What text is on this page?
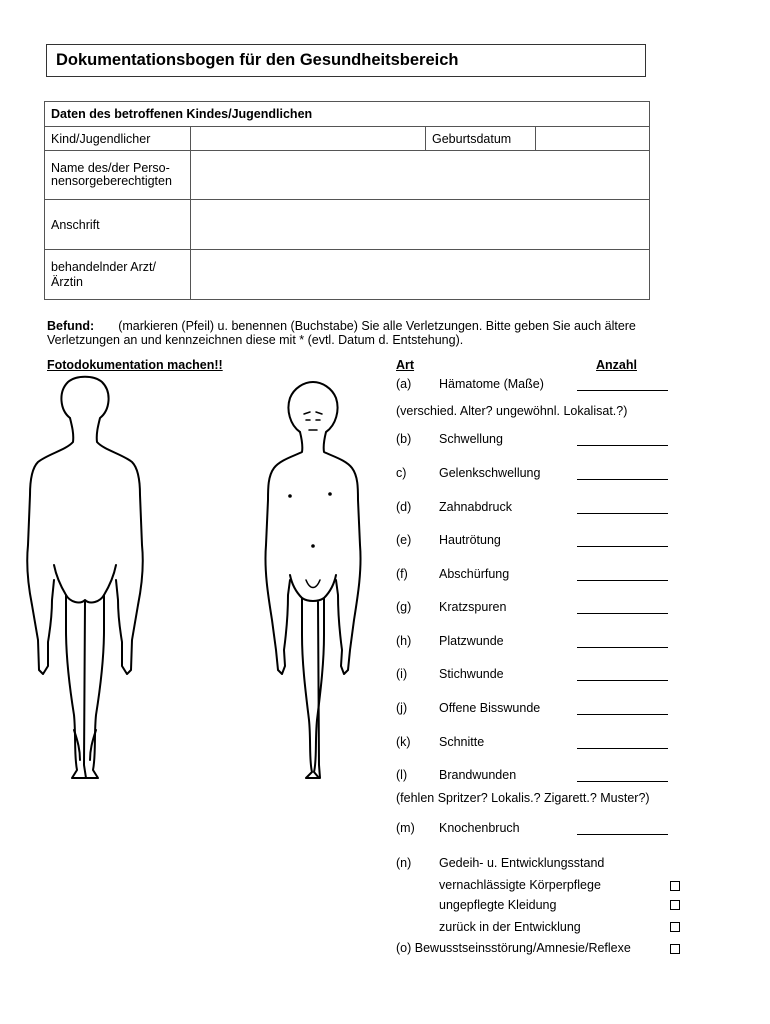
Dokumentationsbogen für den Gesundheitsbereich
Daten des betroffenen Kindes/Jugendlichen			
Kind/Jugendlicher		Geburtsdatum	

Name des/der Perso-
nensorgeberechtigten			

Anschrift			

behandelnder Arzt/
Ärztin			

Befund: (markieren (Pfeil) u. benennen (Buchstabe) Sie alle Verletzungen. Bitte geben Sie auch ältere
Verletzungen an und kennzeichnen diese mit * (evtl. Datum d. Entstehung).
Fotodokumentation machen!!	Art	Anzahl
(a) Hämatome (Maße)
(b) Schwellung
c)	Gelenkschwellung
(d) Zahnabdruck
(e) Hautrötung
(f) Abschürfung
(g) Kratzspuren
(h) Platzwunde
(i)	Stichwunde
(j)	Offene Bisswunde
(k) Schnitte
(l)	Brandwunden
(m) Knochenbruch
(verschied. Alter? ungewöhnl. Lokalisat.?)
(fehlen Spritzer? Lokalis.? Zigarett.? Muster?)
(n) Gedeih- u. Entwicklungsstand
vernachlässigte Körperpflege
ungepflegte Kleidung
zurück in der Entwicklung
(o) Bewusstseinsstörung/Amnesie/Reflexe
